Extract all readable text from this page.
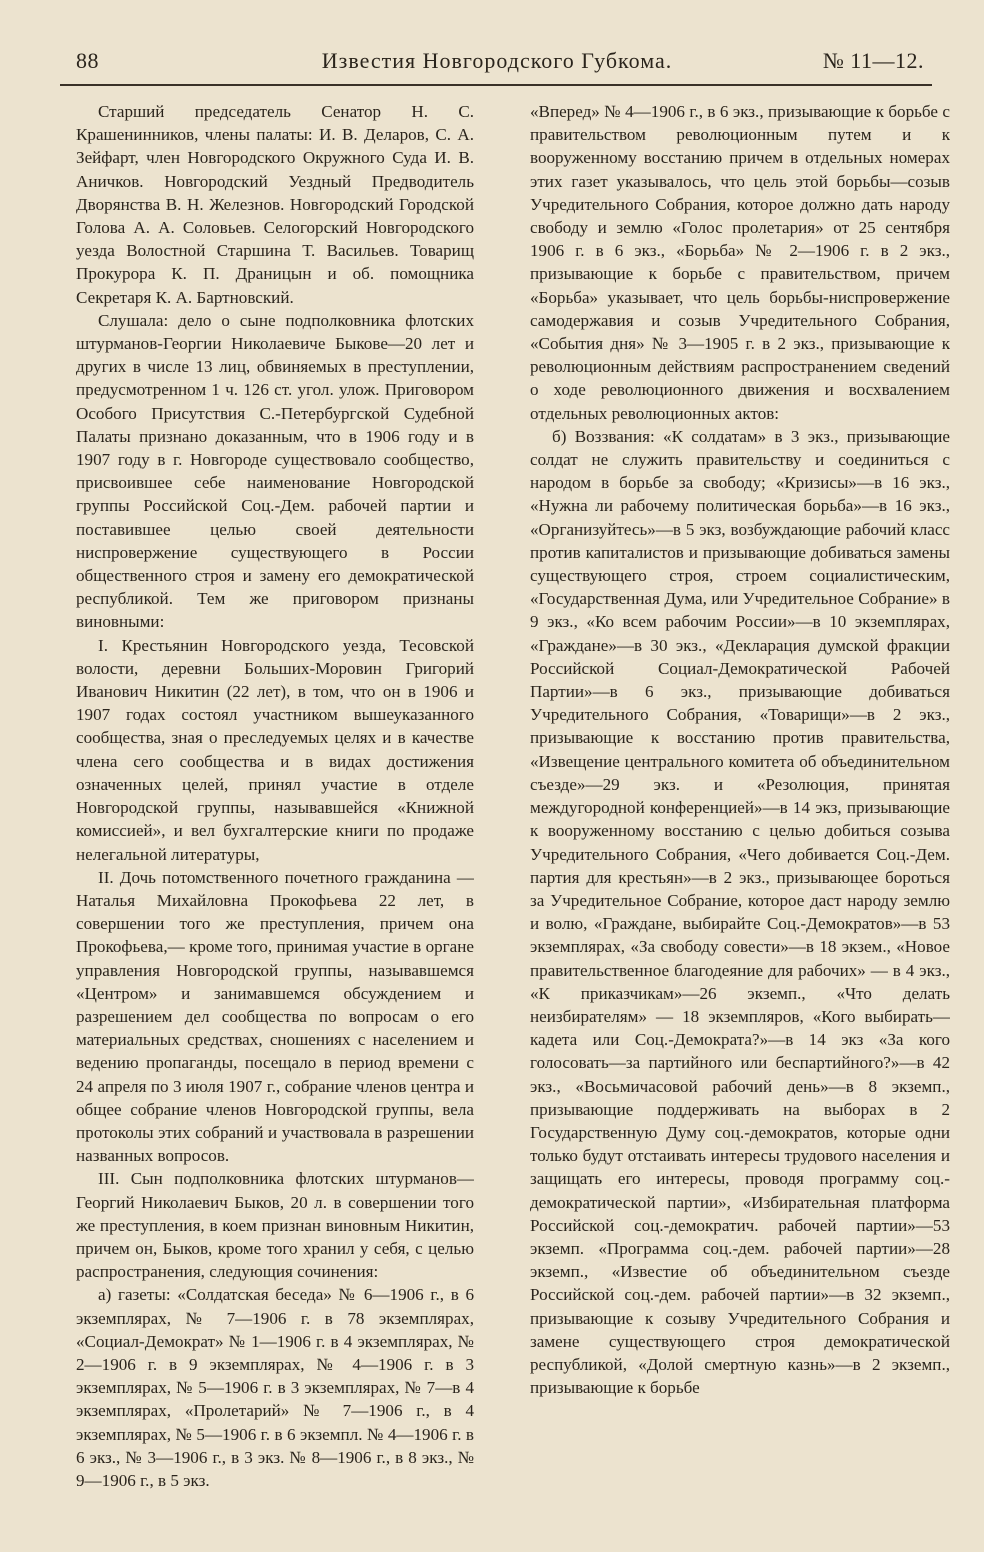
88	Известия Новгородского Губкома.	№ 11—12.

Старший председатель Сенатор Н. С. Крашенинников, члены палаты: И. В. Деларов, С. А. Зейфарт, член Новгородского Окружного Суда И. В. Аничков. Новгородский Уездный Предводитель Дворянства В. Н. Железнов. Новгородский Городской Голова А. А. Соловьев. Селогорский Новгородского уезда Волостной Старшина Т. Васильев. Товарищ Прокурора К. П. Драницын и об. помощника Секретаря К. А. Бартновский.

Слушала: дело о сыне подполковника флотских штурманов-Георгии Николаевиче Быкове—20 лет и других в числе 13 лиц, обвиняемых в преступлении, предусмотренном 1 ч. 126 ст. угол. улож. Приговором Особого Присутствия С.-Петербургской Судебной Палаты признано доказанным, что в 1906 году и в 1907 году в г. Новгороде существовало сообщество, присвоившее себе наименование Новгородской группы Российской Соц.-Дем. рабочей партии и поставившее целью своей деятельности ниспровержение существующего в России общественного строя и замену его демократической республикой. Тем же приговором признаны виновными:

I. Крестьянин Новгородского уезда, Тесовской волости, деревни Больших-Моровин Григорий Иванович Никитин (22 лет), в том, что он в 1906 и 1907 годах состоял участником вышеуказанного сообщества, зная о преследуемых целях и в качестве члена сего сообщества и в видах достижения означенных целей, принял участие в отделе Новгородской группы, называвшейся «Книжной комиссией», и вел бухгалтерские книги по продаже нелегальной литературы,

II. Дочь потомственного почетного гражданина — Наталья Михайловна Прокофьева 22 лет, в совершении того же преступления, причем она Прокофьева,— кроме того, принимая участие в органе управления Новгородской группы, называвшемся «Центром» и занимавшемся обсуждением и разрешением дел сообщества по вопросам о его материальных средствах, сношениях с населением и ведению пропаганды, посещало в период времени с 24 апреля по 3 июля 1907 г., собрание членов центра и общее собрание членов Новгородской группы, вела протоколы этих собраний и участвовала в разрешении названных вопросов.

III. Сын подполковника флотских штурманов—Георгий Николаевич Быков, 20 л. в совершении того же преступления, в коем признан виновным Никитин, причем он, Быков, кроме того хранил у себя, с целью распространения, следующия сочинения:

а) газеты: «Солдатская беседа» № 6—1906 г., в 6 экземплярах, № 7—1906 г. в 78 экземплярах, «Социал-Демократ» № 1—1906 г. в 4 экземплярах, № 2—1906 г. в 9 экземплярах, № 4—1906 г. в 3 экземплярах, № 5—1906 г. в 3 экземплярах, № 7—в 4 экземплярах, «Пролетарий» № 7—1906 г., в 4 экземплярах, № 5—1906 г. в 6 экземпл. № 4—1906 г. в 6 экз., № 3—1906 г., в 3 экз. № 8—1906 г., в 8 экз., № 9—1906 г., в 5 экз.

«Вперед» № 4—1906 г., в 6 экз., призывающие к борьбе с правительством революционным путем и к вооруженному восстанию причем в отдельных номерах этих газет указывалось, что цель этой борьбы—созыв Учредительного Собрания, которое должно дать народу свободу и землю «Голос пролетария» от 25 сентября 1906 г. в 6 экз., «Борьба» № 2—1906 г. в 2 экз., призывающие к борьбе с правительством, причем «Борьба» указывает, что цель борьбы-ниспровержение самодержавия и созыв Учредительного Собрания, «События дня» № 3—1905 г. в 2 экз., призывающие к революционным действиям распространением сведений о ходе революционного движения и восхвалением отдельных революционных актов:

б) Воззвания: «К солдатам» в 3 экз., призывающие солдат не служить правительству и соединиться с народом в борьбе за свободу; «Кризисы»—в 16 экз., «Нужна ли рабочему политическая борьба»—в 16 экз., «Организуйтесь»—в 5 экз, возбуждающие рабочий класс против капиталистов и призывающие добиваться замены существующего строя, строем социалистическим, «Государственная Дума, или Учредительное Собрание» в 9 экз., «Ко всем рабочим России»—в 10 экземплярах, «Граждане»—в 30 экз., «Декларация думской фракции Российской Социал-Демократической Рабочей Партии»—в 6 экз., призывающие добиваться Учредительного Собрания, «Товарищи»—в 2 экз., призывающие к восстанию против правительства, «Извещение центрального комитета об объединительном съезде»—29 экз. и «Резолюция, принятая междугородной конференцией»—в 14 экз, призывающие к вооруженному восстанию с целью добиться созыва Учредительного Собрания, «Чего добивается Соц.-Дем. партия для крестьян»—в 2 экз., призывающее бороться за Учредительное Собрание, которое даст народу землю и волю, «Граждане, выбирайте Соц.-Демократов»—в 53 экземплярах, «За свободу совести»—в 18 экзем., «Новое правительственное благодеяние для рабочих» — в 4 экз., «К приказчикам»—26 экземп., «Что делать неизбирателям» — 18 экземпляров, «Кого выбирать—кадета или Соц.-Демократа?»—в 14 экз «За кого голосовать—за партийного или беспартийного?»—в 42 экз., «Восьмичасовой рабочий день»—в 8 экземп., призывающие поддерживать на выборах в 2 Государственную Думу соц.-демократов, которые одни только будут отстаивать интересы трудового населения и защищать его интересы, проводя программу соц.-демократической партии», «Избирательная платформа Российской соц.-демократич. рабочей партии»—53 экземп. «Программа соц.-дем. рабочей партии»—28 экземп., «Известие об объединительном съезде Российской соц.-дем. рабочей партии»—в 32 экземп., призывающие к созыву Учредительного Собрания и замене существующего строя демократической республикой, «Долой смертную казнь»—в 2 экземп., призывающие к борьбе
